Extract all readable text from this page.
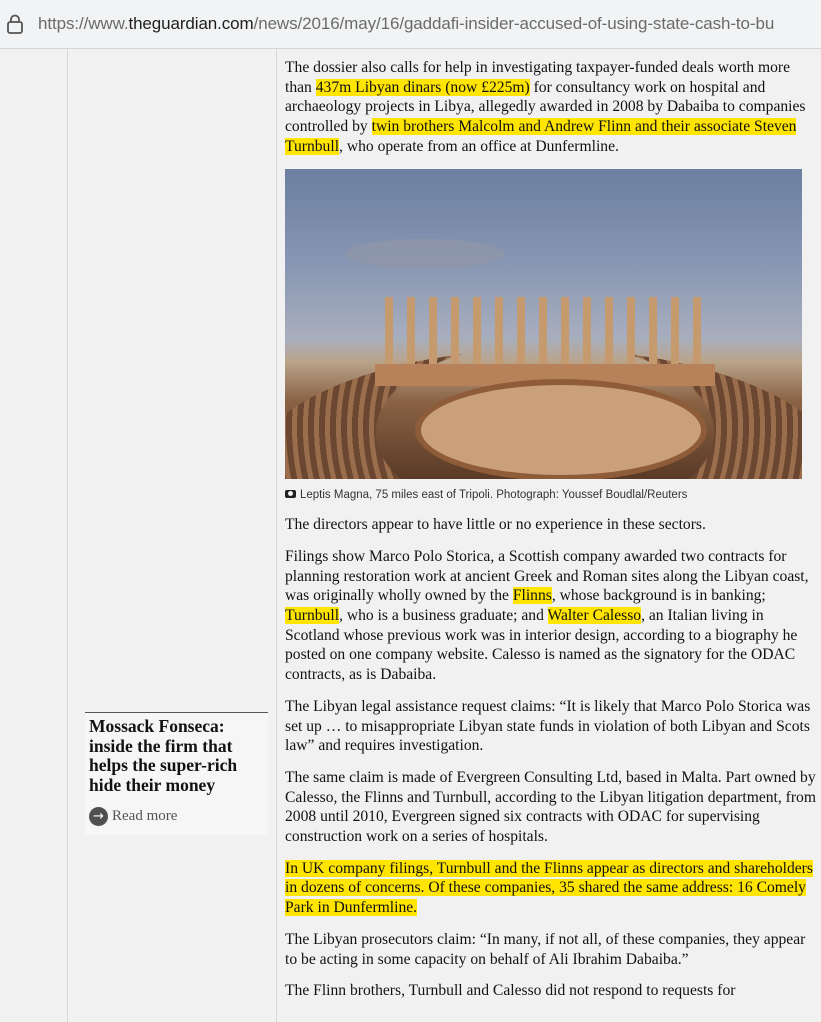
https://www.theguardian.com/news/2016/may/16/gaddafi-insider-accused-of-using-state-cash-to-bu
Mossack Fonseca: inside the firm that helps the super-rich hide their money
→ Read more

The dossier also calls for help in investigating taxpayer-funded deals worth more than 437m Libyan dinars (now £225m) for consultancy work on hospital and archaeology projects in Libya, allegedly awarded in 2008 by Dabaiba to companies controlled by twin brothers Malcolm and Andrew Flinn and their associate Steven Turnbull, who operate from an office at Dunfermline.

Leptis Magna, 75 miles east of Tripoli. Photograph: Youssef Boudlal/Reuters

The directors appear to have little or no experience in these sectors.

Filings show Marco Polo Storica, a Scottish company awarded two contracts for planning restoration work at ancient Greek and Roman sites along the Libyan coast, was originally wholly owned by the Flinns, whose background is in banking; Turnbull, who is a business graduate; and Walter Calesso, an Italian living in Scotland whose previous work was in interior design, according to a biography he posted on one company website. Calesso is named as the signatory for the ODAC contracts, as is Dabaiba.

The Libyan legal assistance request claims: “It is likely that Marco Polo Storica was set up … to misappropriate Libyan state funds in violation of both Libyan and Scots law” and requires investigation.

The same claim is made of Evergreen Consulting Ltd, based in Malta. Part owned by Calesso, the Flinns and Turnbull, according to the Libyan litigation department, from 2008 until 2010, Evergreen signed six contracts with ODAC for supervising construction work on a series of hospitals.

In UK company filings, Turnbull and the Flinns appear as directors and shareholders in dozens of concerns. Of these companies, 35 shared the same address: 16 Comely Park in Dunfermline.

The Libyan prosecutors claim: “In many, if not all, of these companies, they appear to be acting in some capacity on behalf of Ali Ibrahim Dabaiba.”

The Flinn brothers, Turnbull and Calesso did not respond to requests for
